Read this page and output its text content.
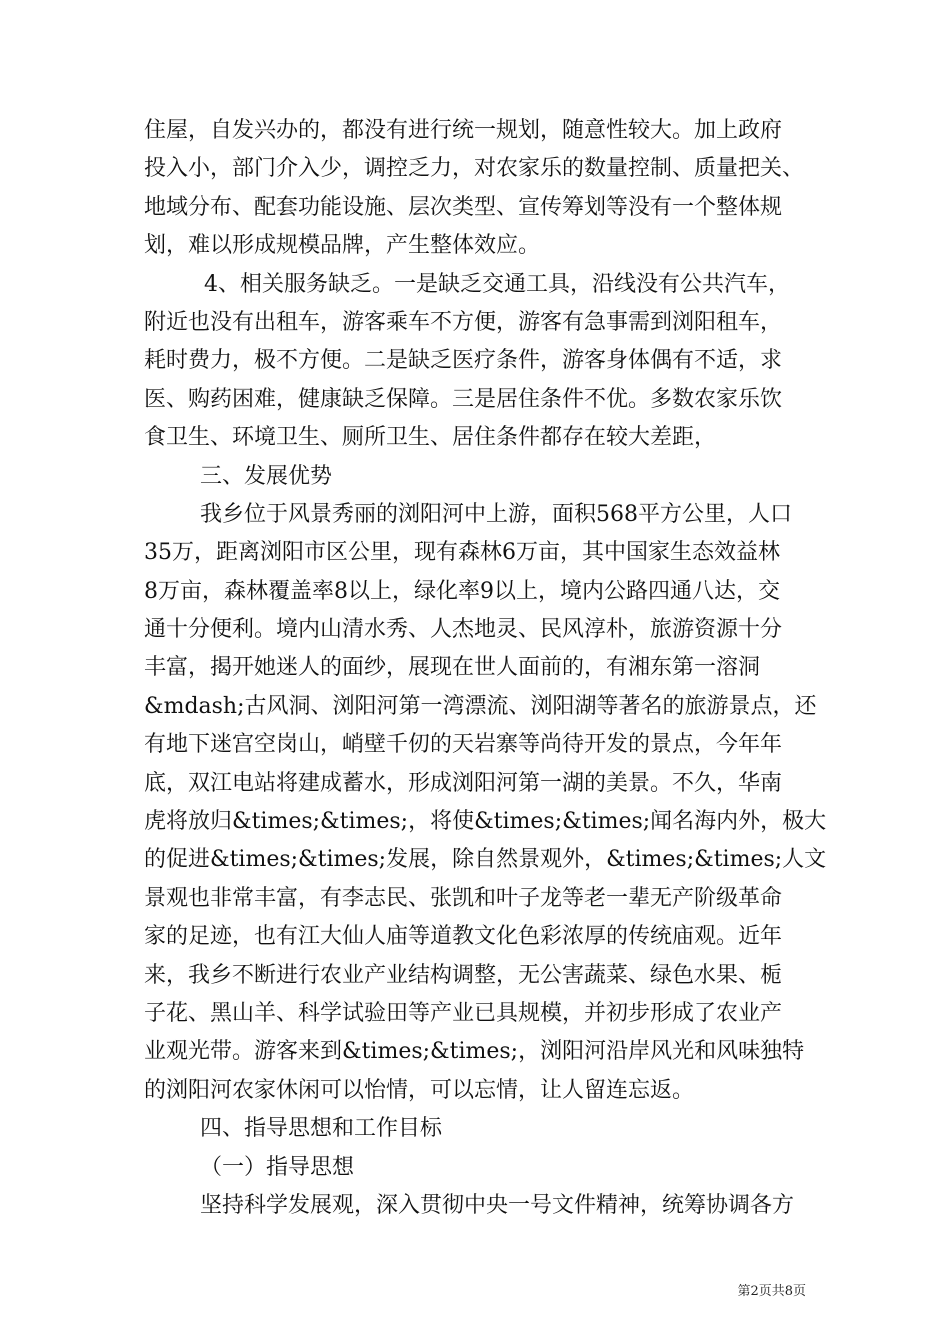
住屋，自发兴办的，都没有进行统一规划，随意性较大。加上政府
投入小，部门介入少，调控乏力，对农家乐的数量控制、质量把关、
地域分布、配套功能设施、层次类型、宣传筹划等没有一个整体规
划，难以形成规模品牌，产生整体效应。
4、相关服务缺乏。一是缺乏交通工具，沿线没有公共汽车，
附近也没有出租车，游客乘车不方便，游客有急事需到浏阳租车，
耗时费力，极不方便。二是缺乏医疗条件，游客身体偶有不适，求
医、购药困难，健康缺乏保障。三是居住条件不优。多数农家乐饮
食卫生、环境卫生、厕所卫生、居住条件都存在较大差距，
三、发展优势
我乡位于风景秀丽的浏阳河中上游，面积568平方公里，人口
35万，距离浏阳市区公里，现有森林6万亩，其中国家生态效益林
8万亩，森林覆盖率8以上，绿化率9以上，境内公路四通八达，交
通十分便利。境内山清水秀、人杰地灵、民风淳朴，旅游资源十分
丰富，揭开她迷人的面纱，展现在世人面前的，有湘东第一溶洞
&mdash;古风洞、浏阳河第一湾漂流、浏阳湖等著名的旅游景点，还
有地下迷宫空岗山，峭壁千仞的天岩寨等尚待开发的景点，今年年
底，双江电站将建成蓄水，形成浏阳河第一湖的美景。不久，华南
虎将放归&times;&times;，将使&times;&times;闻名海内外，极大
的促进&times;&times;发展，除自然景观外，&times;&times;人文
景观也非常丰富，有李志民、张凯和叶子龙等老一辈无产阶级革命
家的足迹，也有江大仙人庙等道教文化色彩浓厚的传统庙观。近年
来，我乡不断进行农业产业结构调整，无公害蔬菜、绿色水果、栀
子花、黑山羊、科学试验田等产业已具规模，并初步形成了农业产
业观光带。游客来到&times;&times;，浏阳河沿岸风光和风味独特
的浏阳河农家休闲可以怡情，可以忘情，让人留连忘返。
四、指导思想和工作目标
（一）指导思想
坚持科学发展观，深入贯彻中央一号文件精神，统筹协调各方
第2页共8页
